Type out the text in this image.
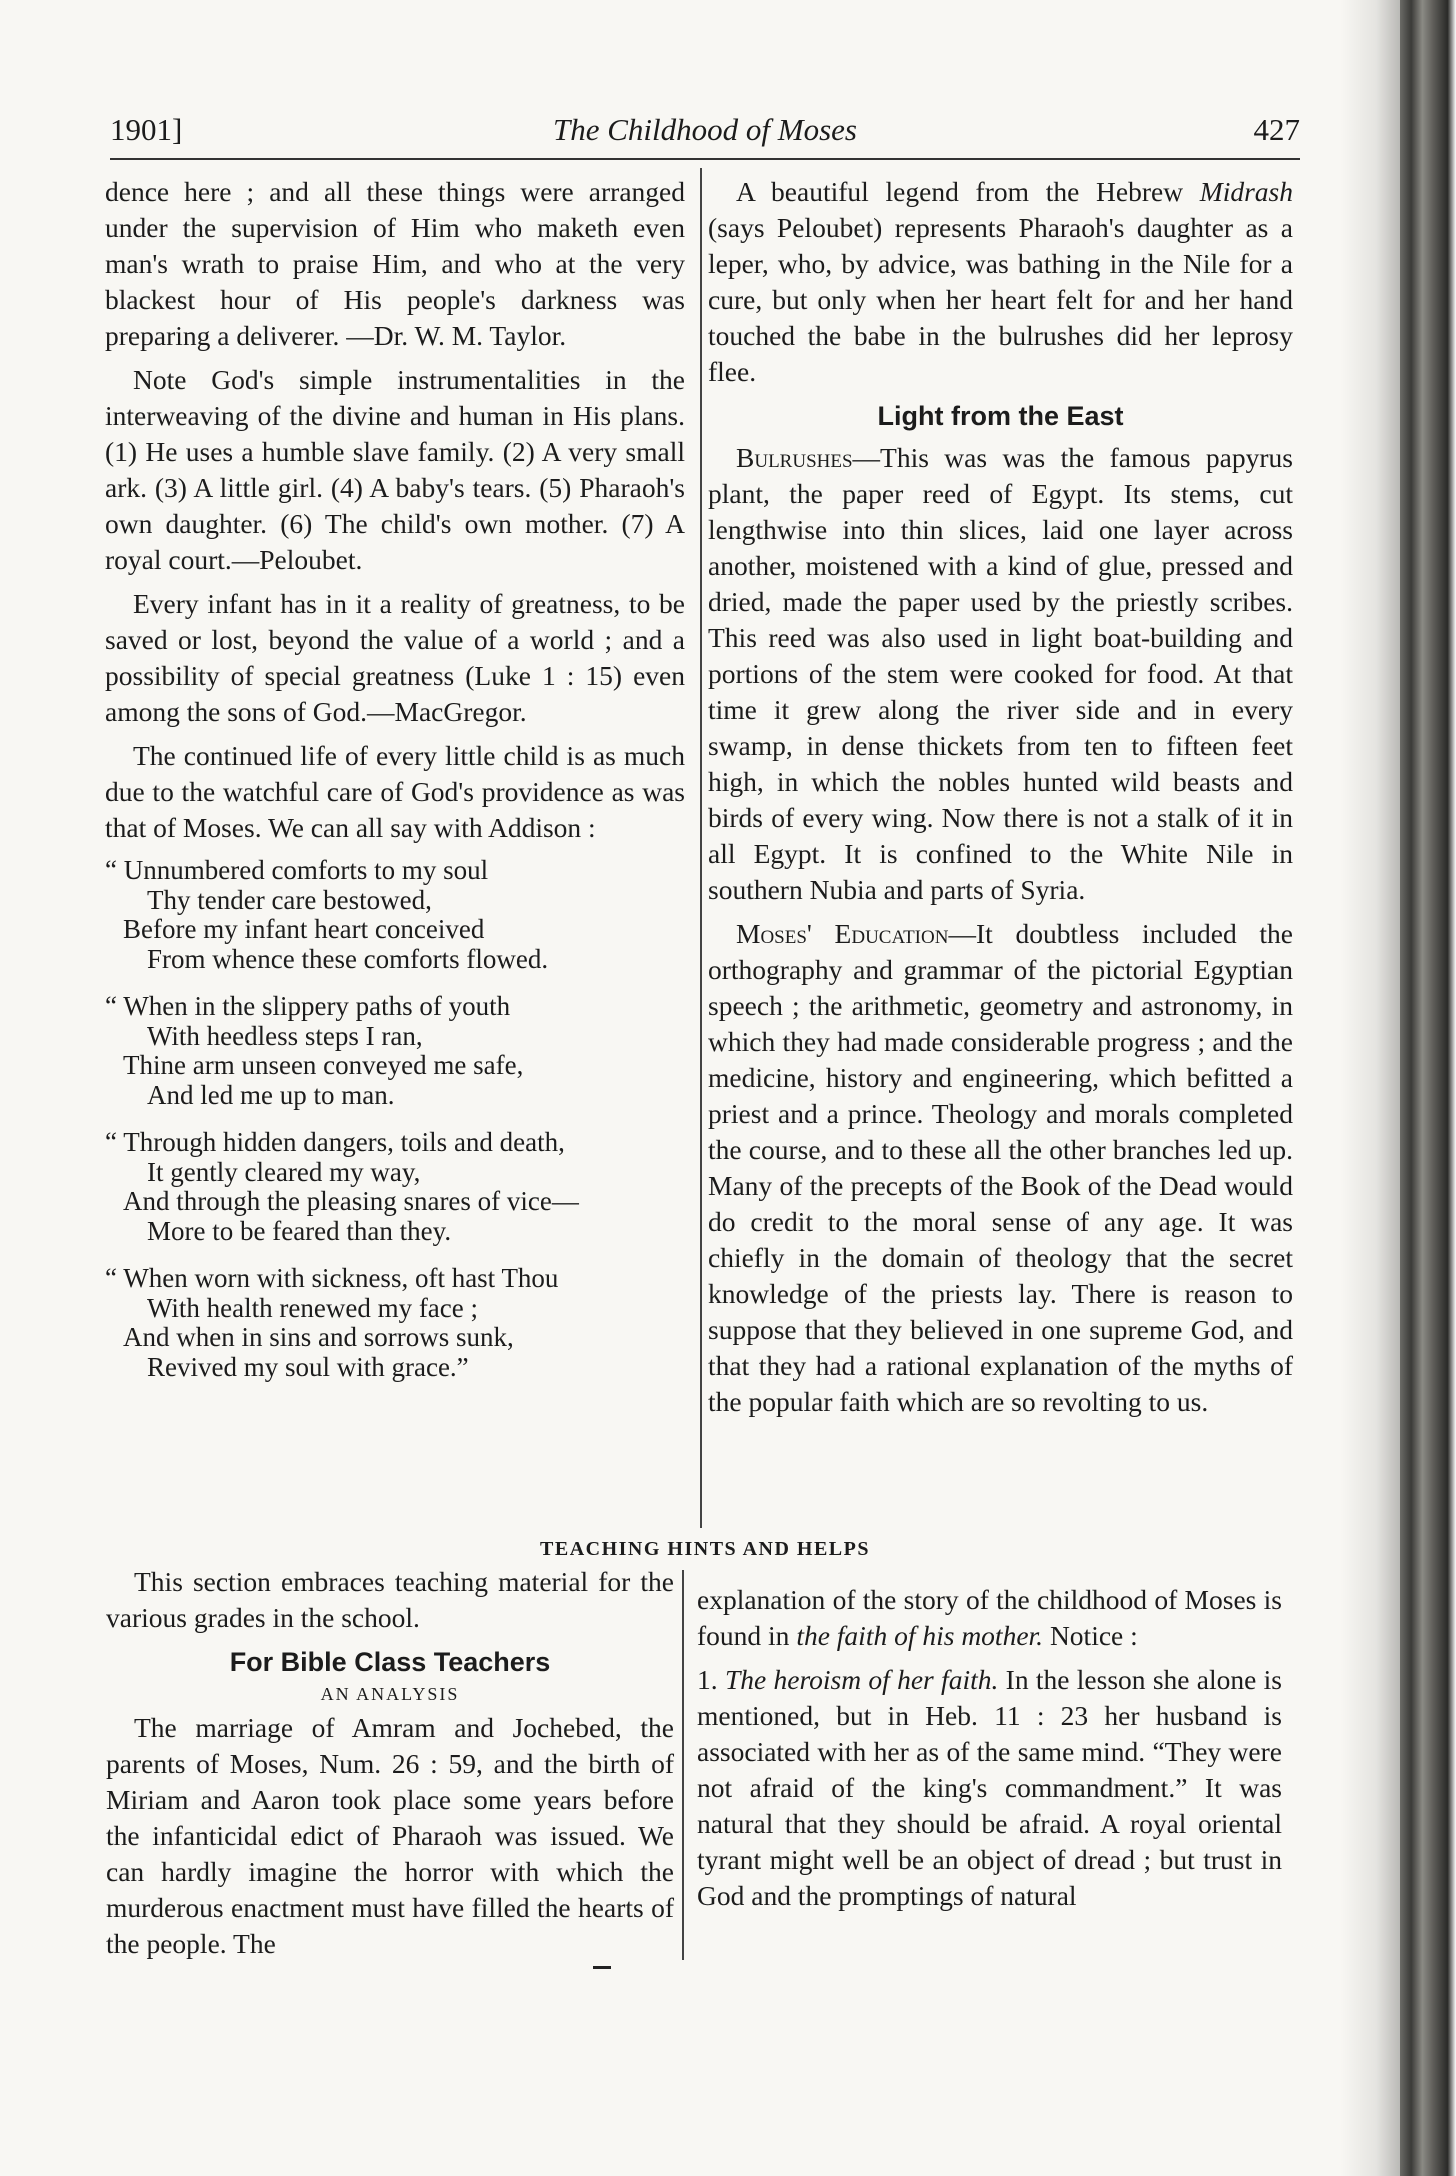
1901]	The Childhood of Moses	427

dence here ; and all these things were arranged under the supervision of Him who maketh even man's wrath to praise Him, and who at the very blackest hour of His people's darkness was preparing a deliverer. —Dr. W. M. Taylor.

Note God's simple instrumentalities in the interweaving of the divine and human in His plans. (1) He uses a humble slave family. (2) A very small ark. (3) A little girl. (4) A baby's tears. (5) Pharaoh's own daughter. (6) The child's own mother. (7) A royal court.—Peloubet.

Every infant has in it a reality of greatness, to be saved or lost, beyond the value of a world ; and a possibility of special greatness (Luke 1 : 15) even among the sons of God.—MacGregor.

The continued life of every little child is as much due to the watchful care of God's providence as was that of Moses. We can all say with Addison :

“ Unnumbered comforts to my soul
Thy tender care bestowed,
Before my infant heart conceived
From whence these comforts flowed.
“ When in the slippery paths of youth
With heedless steps I ran,
Thine arm unseen conveyed me safe,
And led me up to man.
“ Through hidden dangers, toils and death,
It gently cleared my way,
And through the pleasing snares of vice—
More to be feared than they.
“ When worn with sickness, oft hast Thou
With health renewed my face ;
And when in sins and sorrows sunk,
Revived my soul with grace.”

A beautiful legend from the Hebrew Midrash (says Peloubet) represents Pharaoh's daughter as a leper, who, by advice, was bathing in the Nile for a cure, but only when her heart felt for and her hand touched the babe in the bulrushes did her leprosy flee.

Light from the East

Bulrushes—This was was the famous papyrus plant, the paper reed of Egypt. Its stems, cut lengthwise into thin slices, laid one layer across another, moistened with a kind of glue, pressed and dried, made the paper used by the priestly scribes. This reed was also used in light boat-building and portions of the stem were cooked for food. At that time it grew along the river side and in every swamp, in dense thickets from ten to fifteen feet high, in which the nobles hunted wild beasts and birds of every wing. Now there is not a stalk of it in all Egypt. It is confined to the White Nile in southern Nubia and parts of Syria.

Moses' Education—It doubtless included the orthography and grammar of the pictorial Egyptian speech ; the arithmetic, geometry and astronomy, in which they had made considerable progress ; and the medicine, history and engineering, which befitted a priest and a prince. Theology and morals completed the course, and to these all the other branches led up. Many of the precepts of the Book of the Dead would do credit to the moral sense of any age. It was chiefly in the domain of theology that the secret knowledge of the priests lay. There is reason to suppose that they believed in one supreme God, and that they had a rational explanation of the myths of the popular faith which are so revolting to us.

TEACHING HINTS AND HELPS

This section embraces teaching material for the various grades in the school.

For Bible Class Teachers
AN ANALYSIS

The marriage of Amram and Jochebed, the parents of Moses, Num. 26 : 59, and the birth of Miriam and Aaron took place some years before the infanticidal edict of Pharaoh was issued. We can hardly imagine the horror with which the murderous enactment must have filled the hearts of the people. The

explanation of the story of the childhood of Moses is found in the faith of his mother. Notice :

1. The heroism of her faith. In the lesson she alone is mentioned, but in Heb. 11 : 23 her husband is associated with her as of the same mind. “They were not afraid of the king's commandment.” It was natural that they should be afraid. A royal oriental tyrant might well be an object of dread ; but trust in God and the promptings of natural
